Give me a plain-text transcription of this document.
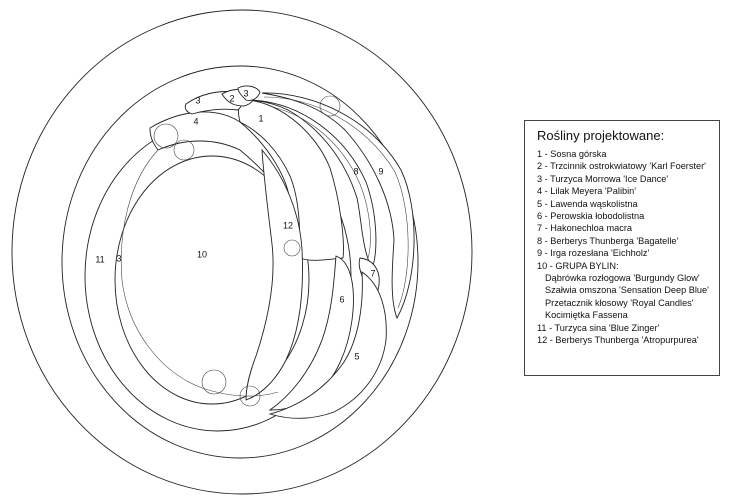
1
2
3
3
3
4
5
6
7
8 9
10
11
12
Rośliny projektowane:
1 - Sosna górska
2 - Trzcinnik ostrokwiatowy 'Karl Foerster'
3 - Turzyca Morrowa 'Ice Dance'
4 - Lilak Meyera 'Palibin'
5 - Lawenda wąskolistna
6 - Perowskia łobodolistna
7 - Hakonechloa macra
8 - Berberys Thunberga 'Bagatelle'
9 - Irga rozesłana 'Eichholz'
10 - GRUPA BYLIN:
Dąbrówka rozłogowa 'Burgundy Glow'
Szałwia omszona 'Sensation Deep Blue'
Przetacznik kłosowy 'Royal Candles'
Kocimiętka Fassena
11 - Turzyca sina 'Blue Zinger'
12 - Berberys Thunberga 'Atropurpurea'
